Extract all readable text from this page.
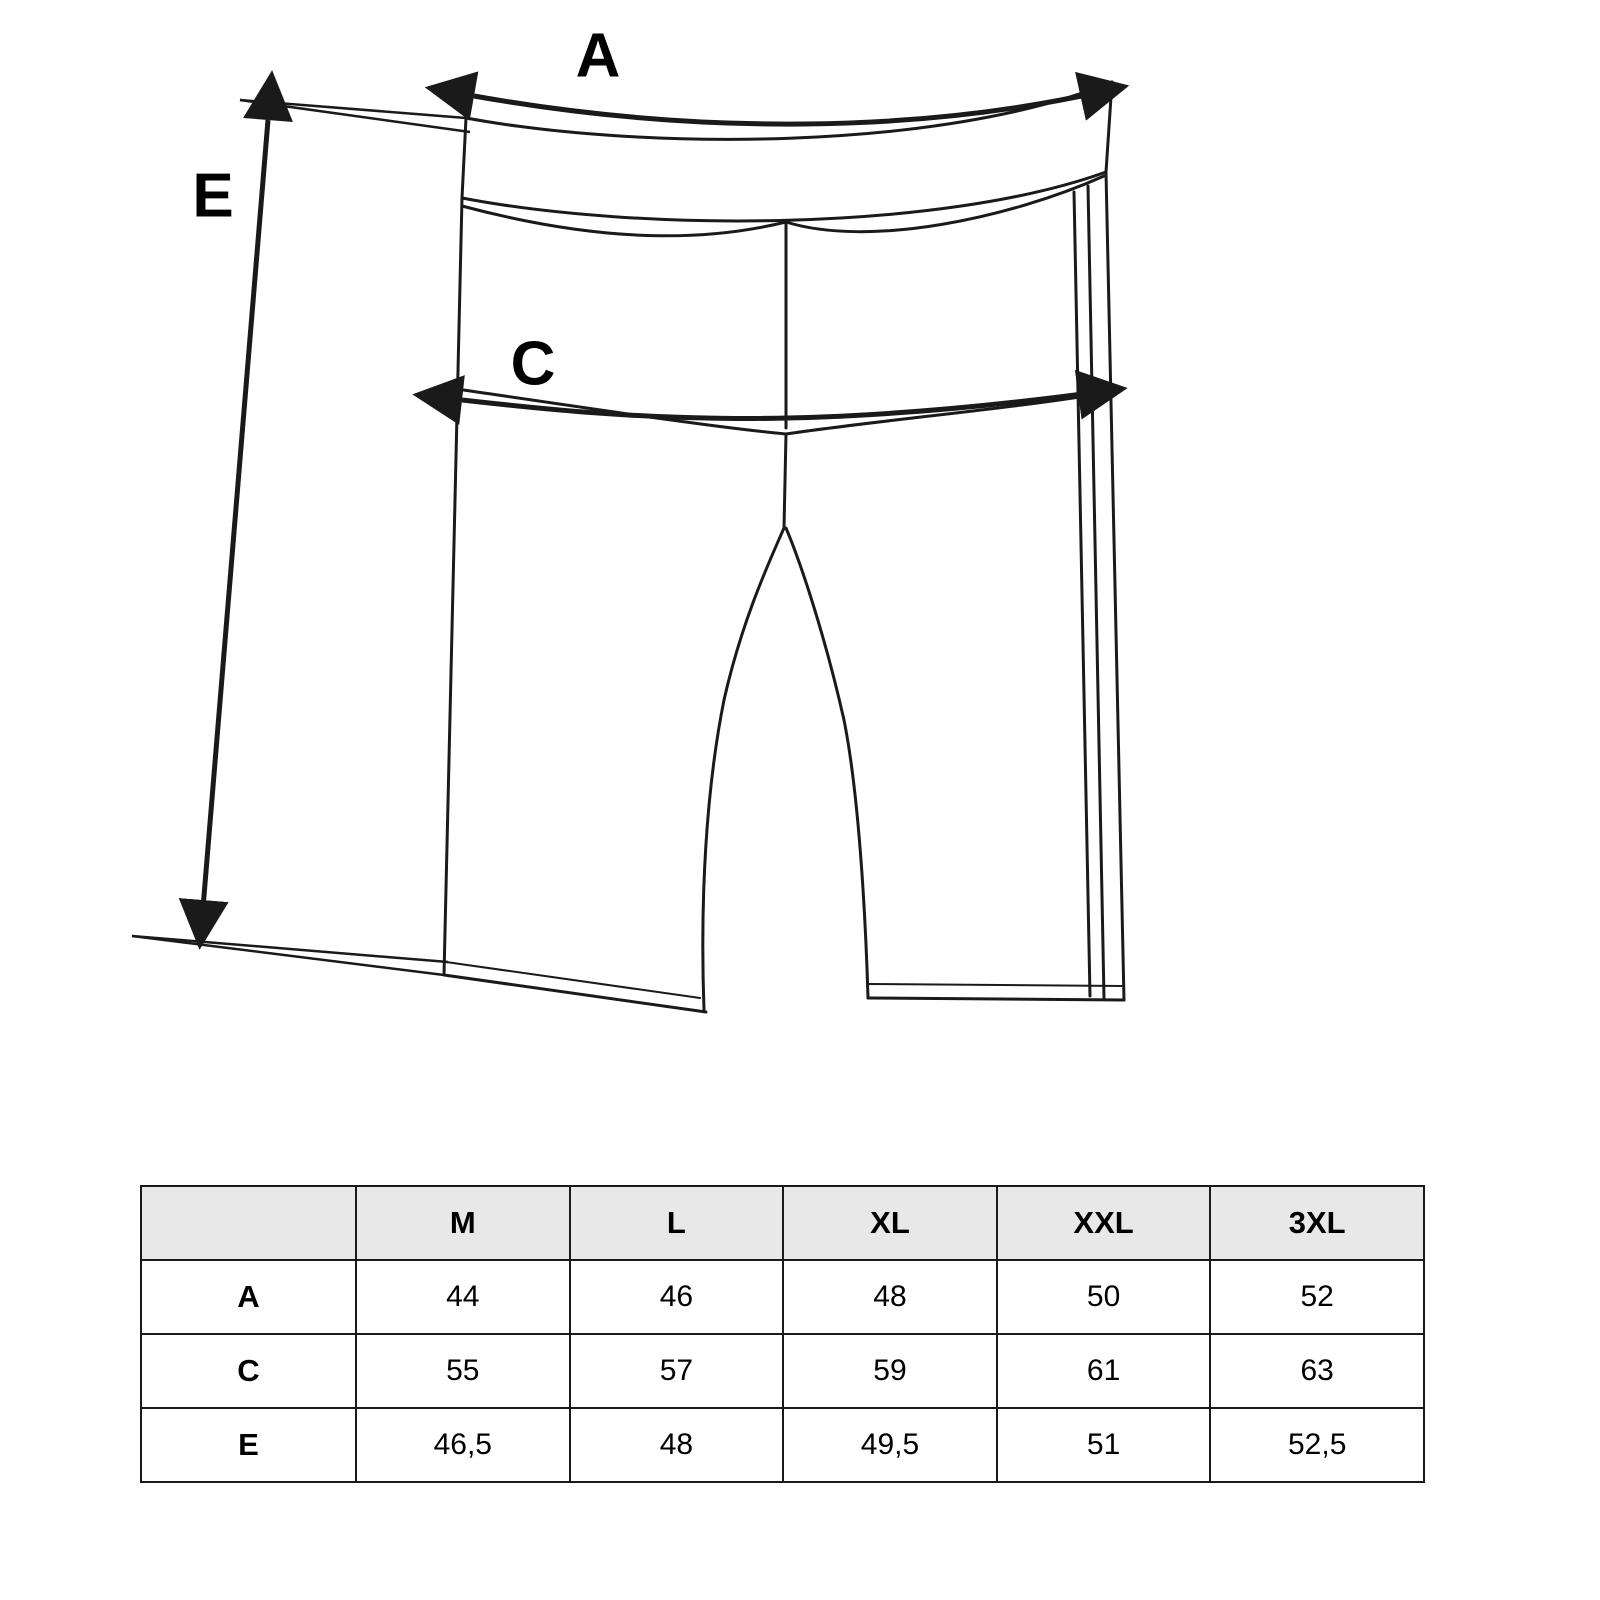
A
C
E
	M	L	XL	XXL	3XL
A	44	46	48	50	52
C	55	57	59	61	63
E	46,5	48	49,5	51	52,5
